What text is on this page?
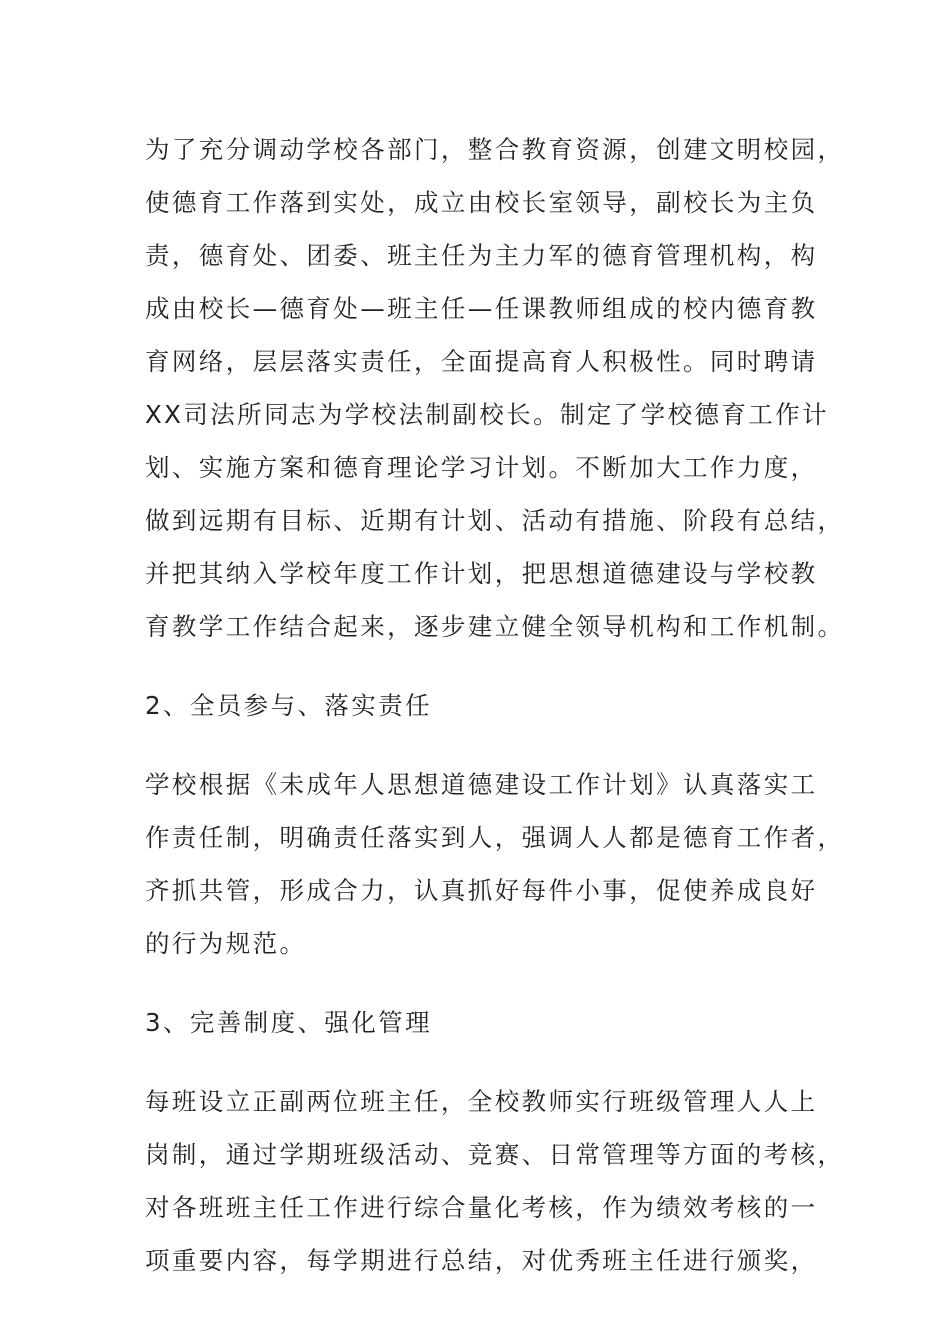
为了充分调动学校各部门，整合教育资源，创建文明校园，
使德育工作落到实处，成立由校长室领导，副校长为主负
责，德育处、团委、班主任为主力军的德育管理机构，构
成由校长—德育处—班主任—任课教师组成的校内德育教
育网络，层层落实责任，全面提高育人积极性。同时聘请
XX司法所同志为学校法制副校长。制定了学校德育工作计
划、实施方案和德育理论学习计划。不断加大工作力度，
做到远期有目标、近期有计划、活动有措施、阶段有总结，
并把其纳入学校年度工作计划，把思想道德建设与学校教
育教学工作结合起来，逐步建立健全领导机构和工作机制。
2、全员参与、落实责任
学校根据《未成年人思想道德建设工作计划》认真落实工
作责任制，明确责任落实到人，强调人人都是德育工作者，
齐抓共管，形成合力，认真抓好每件小事，促使养成良好
的行为规范。
3、完善制度、强化管理
每班设立正副两位班主任，全校教师实行班级管理人人上
岗制，通过学期班级活动、竞赛、日常管理等方面的考核，
对各班班主任工作进行综合量化考核，作为绩效考核的一
项重要内容，每学期进行总结，对优秀班主任进行颁奖，
